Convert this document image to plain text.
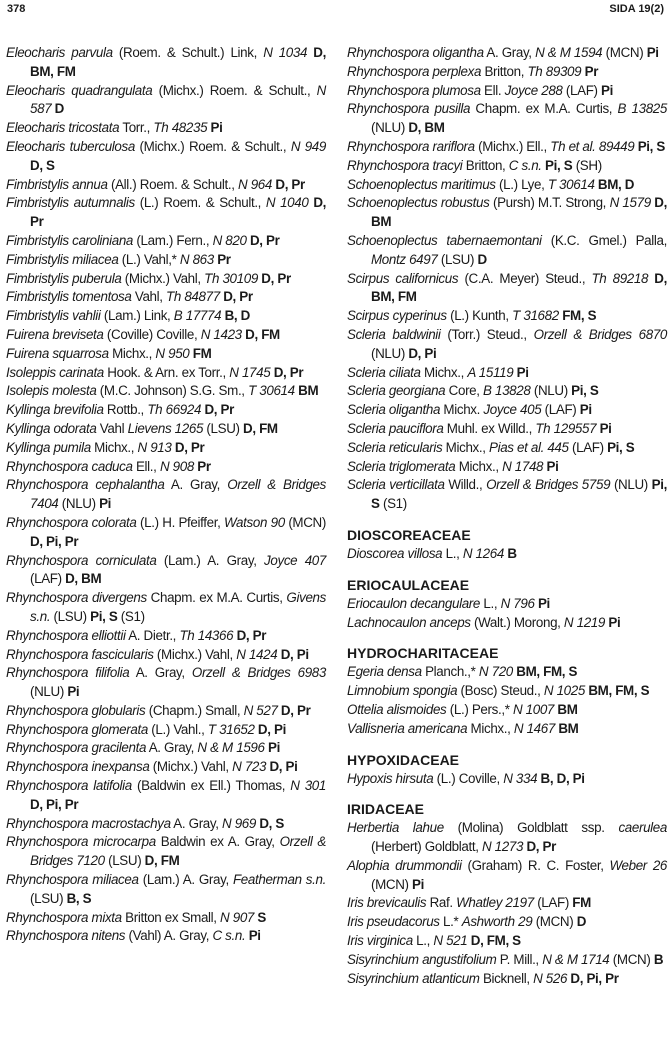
378	SIDA 19(2)
Eleocharis parvula (Roem. & Schult.) Link, N 1034 D, BM, FM
Eleocharis quadrangulata (Michx.) Roem. & Schult., N 587 D
Eleocharis tricostata Torr., Th 48235 Pi
Eleocharis tuberculosa (Michx.) Roem. & Schult., N 949 D, S
Fimbristylis annua (All.) Roem. & Schult., N 964 D, Pr
Fimbristylis autumnalis (L.) Roem. & Schult., N 1040 D, Pr
Fimbristylis caroliniana (Lam.) Fern., N 820 D, Pr
Fimbristylis miliacea (L.) Vahl,* N 863 Pr
Fimbristylis puberula (Michx.) Vahl, Th 30109 D, Pr
Fimbristylis tomentosa Vahl, Th 84877 D, Pr
Fimbristylis vahlii (Lam.) Link, B 17774 B, D
Fuirena breviseta (Coville) Coville, N 1423 D, FM
Fuirena squarrosa Michx., N 950 FM
Isoleppis carinata Hook. & Arn. ex Torr., N 1745 D, Pr
Isolepis molesta (M.C. Johnson) S.G. Sm., T 30614 BM
Kyllinga brevifolia Rottb., Th 66924 D, Pr
Kyllinga odorata Vahl Lievens 1265 (LSU) D, FM
Kyllinga pumila Michx., N 913 D, Pr
Rhynchospora caduca Ell., N 908 Pr
Rhynchospora cephalantha A. Gray, Orzell & Bridges 7404 (NLU) Pi
Rhynchospora colorata (L.) H. Pfeiffer, Watson 90 (MCN) D, Pi, Pr
Rhynchospora corniculata (Lam.) A. Gray, Joyce 407 (LAF) D, BM
Rhynchospora divergens Chapm. ex M.A. Curtis, Givens s.n. (LSU) Pi, S (S1)
Rhynchospora elliottii A. Dietr., Th 14366 D, Pr
Rhynchospora fascicularis (Michx.) Vahl, N 1424 D, Pi
Rhynchospora filifolia A. Gray, Orzell & Bridges 6983 (NLU) Pi
Rhynchospora globularis (Chapm.) Small, N 527 D, Pr
Rhynchospora glomerata (L.) Vahl., T 31652 D, Pi
Rhynchospora gracilenta A. Gray, N & M 1596 Pi
Rhynchospora inexpansa (Michx.) Vahl, N 723 D, Pi
Rhynchospora latifolia (Baldwin ex Ell.) Thomas, N 301 D, Pi, Pr
Rhynchospora macrostachya A. Gray, N 969 D, S
Rhynchospora microcarpa Baldwin ex A. Gray, Orzell & Bridges 7120 (LSU) D, FM
Rhynchospora miliacea (Lam.) A. Gray, Featherman s.n. (LSU) B, S
Rhynchospora mixta Britton ex Small, N 907 S
Rhynchospora nitens (Vahl) A. Gray, C s.n. Pi
Rhynchospora oligantha A. Gray, N & M 1594 (MCN) Pi
Rhynchospora perplexa Britton, Th 89309 Pr
Rhynchospora plumosa Ell. Joyce 288 (LAF) Pi
Rhynchospora pusilla Chapm. ex M.A. Curtis, B 13825 (NLU) D, BM
Rhynchospora rariflora (Michx.) Ell., Th et al. 89449 Pi, S
Rhynchospora tracyi Britton, C s.n. Pi, S (SH)
Schoenoplectus maritimus (L.) Lye, T 30614 BM, D
Schoenoplectus robustus (Pursh) M.T. Strong, N 1579 D, BM
Schoenoplectus tabernaemontani (K.C. Gmel.) Palla, Montz 6497 (LSU) D
Scirpus californicus (C.A. Meyer) Steud., Th 89218 D, BM, FM
Scirpus cyperinus (L.) Kunth, T 31682 FM, S
Scleria baldwinii (Torr.) Steud., Orzell & Bridges 6870 (NLU) D, Pi
Scleria ciliata Michx., A 15119 Pi
Scleria georgiana Core, B 13828 (NLU) Pi, S
Scleria oligantha Michx. Joyce 405 (LAF) Pi
Scleria pauciflora Muhl. ex Willd., Th 129557 Pi
Scleria reticularis Michx., Pias et al. 445 (LAF) Pi, S
Scleria triglomerata Michx., N 1748 Pi
Scleria verticillata Willd., Orzell & Bridges 5759 (NLU) Pi, S (S1)
DIOSCOREACEAE
Dioscorea villosa L., N 1264 B
ERIOCAULACEAE
Eriocaulon decangulare L., N 796 Pi
Lachnocaulon anceps (Walt.) Morong, N 1219 Pi
HYDROCHARITACEAE
Egeria densa Planch.,* N 720 BM, FM, S
Limnobium spongia (Bosc) Steud., N 1025 BM, FM, S
Ottelia alismoides (L.) Pers.,* N 1007 BM
Vallisneria americana Michx., N 1467 BM
HYPOXIDACEAE
Hypoxis hirsuta (L.) Coville, N 334 B, D, Pi
IRIDACEAE
Herbertia lahue (Molina) Goldblatt ssp. caerulea (Herbert) Goldblatt, N 1273 D, Pr
Alophia drummondii (Graham) R. C. Foster, Weber 26 (MCN) Pi
Iris brevicaulis Raf. Whatley 2197 (LAF) FM
Iris pseudacorus L.* Ashworth 29 (MCN) D
Iris virginica L., N 521 D, FM, S
Sisyrinchium angustifolium P. Mill., N & M 1714 (MCN) B
Sisyrinchium atlanticum Bicknell, N 526 D, Pi, Pr
